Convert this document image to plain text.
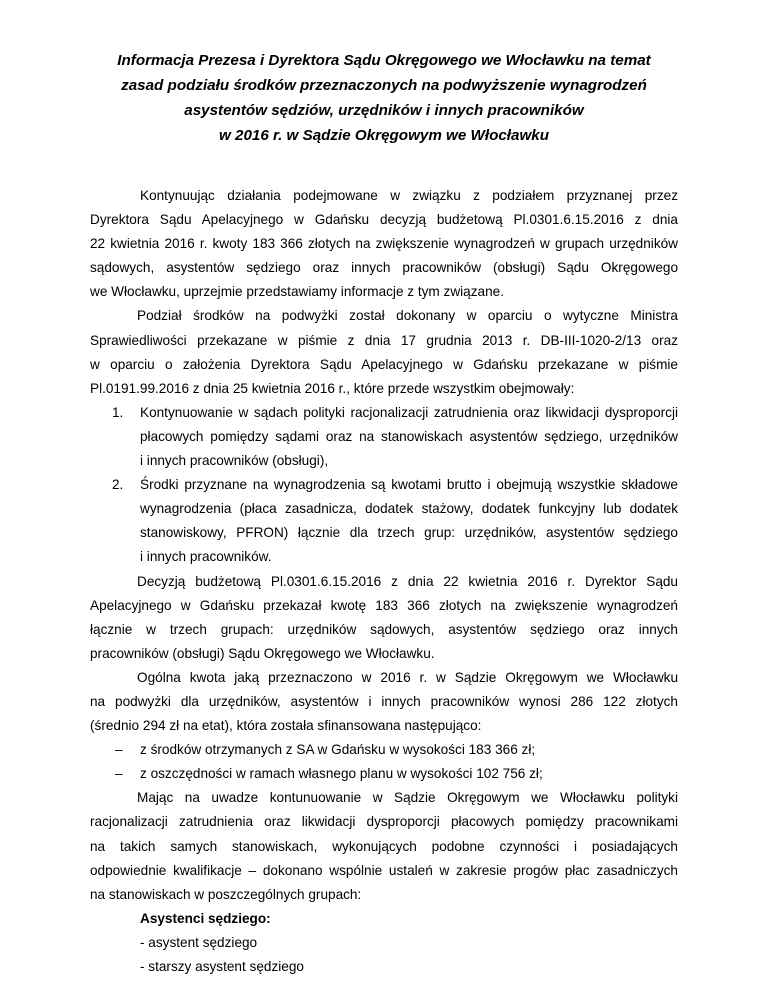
Informacja Prezesa i Dyrektora Sądu Okręgowego we Włocławku na temat
zasad podziału środków przeznaczonych na podwyższenie wynagrodzeń
asystentów sędziów, urzędników i innych pracowników
w 2016 r. w Sądzie Okręgowym we Włocławku

Kontynuując działania podejmowane w związku z podziałem przyznanej przez
Dyrektora Sądu Apelacyjnego w Gdańsku decyzją budżetową Pl.0301.6.15.2016 z dnia
22 kwietnia 2016 r. kwoty 183 366 złotych na zwiększenie wynagrodzeń w grupach urzędników
sądowych, asystentów sędziego oraz innych pracowników (obsługi) Sądu Okręgowego
we Włocławku, uprzejmie przedstawiamy informacje z tym związane.

Podział środków na podwyżki został dokonany w oparciu o wytyczne Ministra
Sprawiedliwości przekazane w piśmie z dnia 17 grudnia 2013 r. DB-III-1020-2/13 oraz
w oparciu o założenia Dyrektora Sądu Apelacyjnego w Gdańsku przekazane w piśmie
Pl.0191.99.2016 z dnia 25 kwietnia 2016 r., które przede wszystkim obejmowały:

1. Kontynuowanie w sądach polityki racjonalizacji zatrudnienia oraz likwidacji dysproporcji
płacowych pomiędzy sądami oraz na stanowiskach asystentów sędziego, urzędników
i innych pracowników (obsługi),
2. Środki przyznane na wynagrodzenia są kwotami brutto i obejmują wszystkie składowe
wynagrodzenia (płaca zasadnicza, dodatek stażowy, dodatek funkcyjny lub dodatek
stanowiskowy, PFRON) łącznie dla trzech grup: urzędników, asystentów sędziego
i innych pracowników.

Decyzją budżetową Pl.0301.6.15.2016 z dnia 22 kwietnia 2016 r. Dyrektor Sądu
Apelacyjnego w Gdańsku przekazał kwotę 183 366 złotych na zwiększenie wynagrodzeń
łącznie w trzech grupach: urzędników sądowych, asystentów sędziego oraz innych
pracowników (obsługi) Sądu Okręgowego we Włocławku.

Ogólna kwota jaką przeznaczono w 2016 r. w Sądzie Okręgowym we Włocławku
na podwyżki dla urzędników, asystentów i innych pracowników wynosi 286 122 złotych
(średnio 294 zł na etat), która została sfinansowana następująco:

– z środków otrzymanych z SA w Gdańsku w wysokości 183 366 zł;
– z oszczędności w ramach własnego planu w wysokości 102 756 zł;

Mając na uwadze kontunuowanie w Sądzie Okręgowym we Włocławku polityki
racjonalizacji zatrudnienia oraz likwidacji dysproporcji płacowych pomiędzy pracownikami
na takich samych stanowiskach, wykonujących podobne czynności i posiadających
odpowiednie kwalifikacje – dokonano wspólnie ustaleń w zakresie progów płac zasadniczych
na stanowiskach w poszczególnych grupach:

Asystenci sędziego:
- asystent sędziego
- starszy asystent sędziego
